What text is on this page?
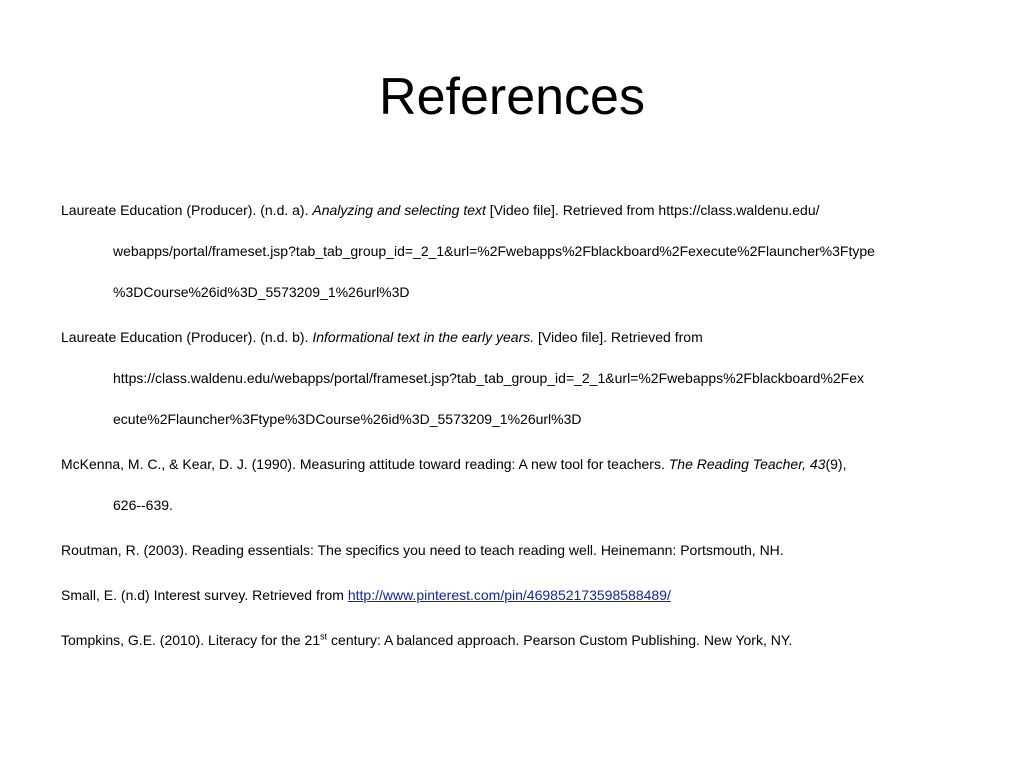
References
Laureate Education (Producer). (n.d. a). Analyzing and selecting text [Video file]. Retrieved from https://class.waldenu.edu/
webapps/portal/frameset.jsp?tab_tab_group_id=_2_1&url=%2Fwebapps%2Fblackboard%2Fexecute%2Flauncher%3Ftype
%3DCourse%26id%3D_5573209_1%26url%3D
Laureate Education (Producer). (n.d. b). Informational text in the early years. [Video file]. Retrieved from
https://class.waldenu.edu/webapps/portal/frameset.jsp?tab_tab_group_id=_2_1&url=%2Fwebapps%2Fblackboard%2Fex
ecute%2Flauncher%3Ftype%3DCourse%26id%3D_5573209_1%26url%3D
McKenna, M. C., & Kear, D. J. (1990). Measuring attitude toward reading: A new tool for teachers. The Reading Teacher, 43(9),
626--639.
Routman, R. (2003). Reading essentials: The specifics you need to teach reading well. Heinemann: Portsmouth, NH.
Small, E. (n.d) Interest survey. Retrieved from http://www.pinterest.com/pin/469852173598588489/
Tompkins, G.E. (2010). Literacy for the 21st century: A balanced approach. Pearson Custom Publishing. New York, NY.
